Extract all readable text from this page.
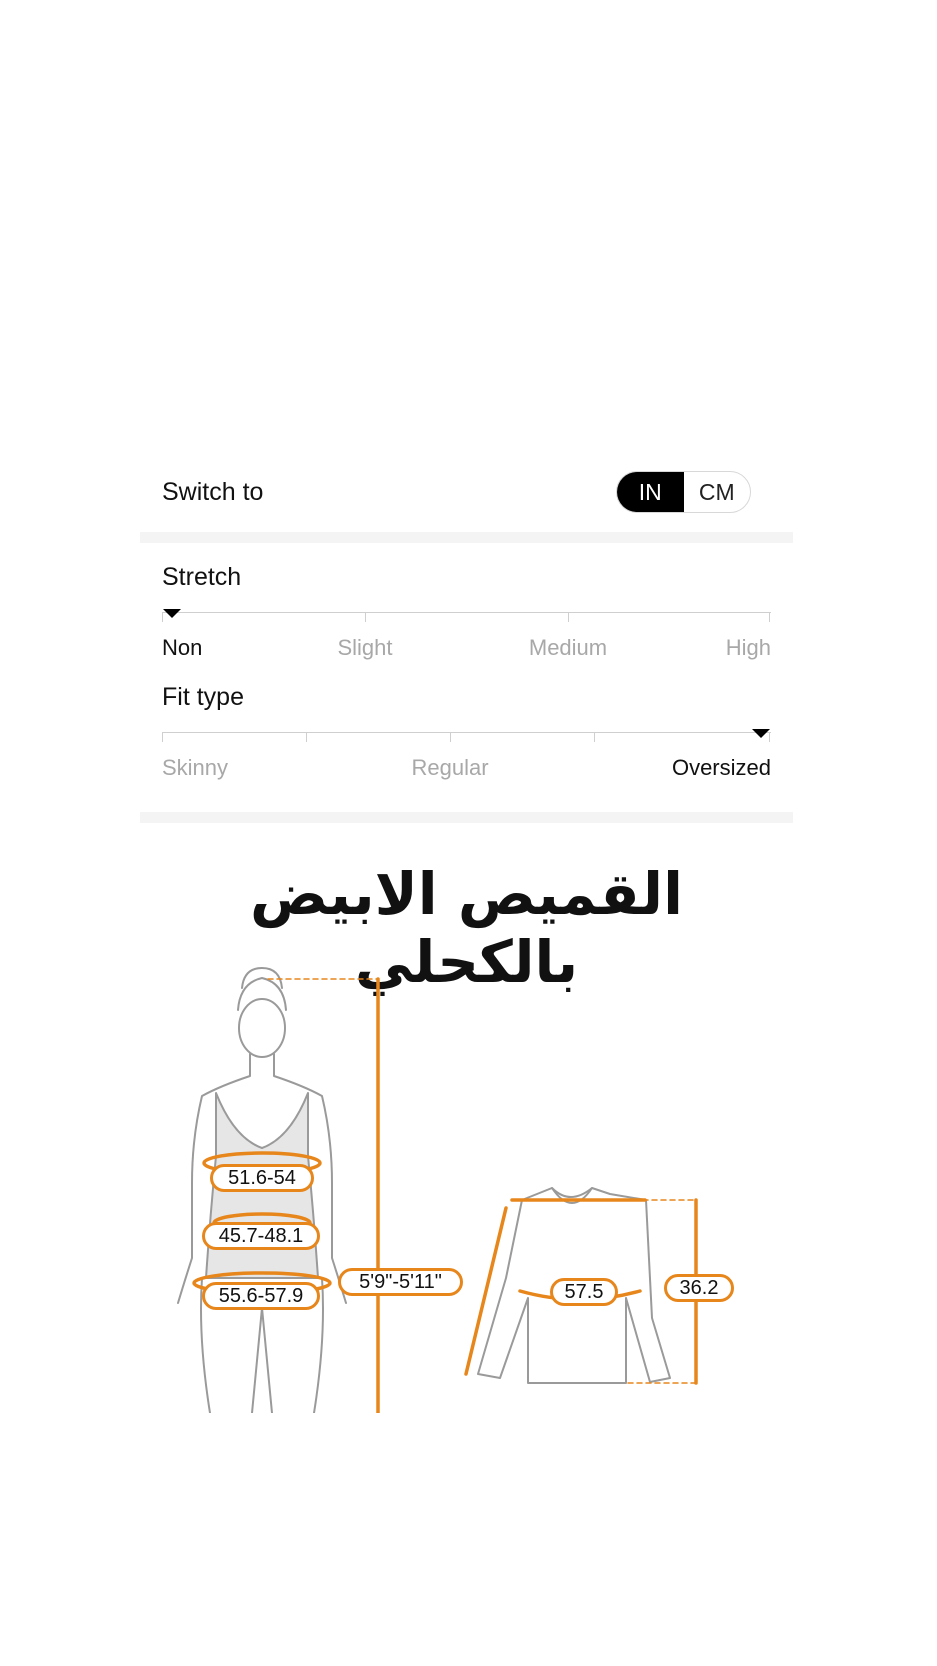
Switch to	IN	CM
Stretch
Non	Slight	Medium	High
Fit type
Skinny	Regular	Oversized
القميص الابيض بالكحلي
51.6-54
45.7-48.1
55.6-57.9
5'9"-5'11"	57.5	36.2
